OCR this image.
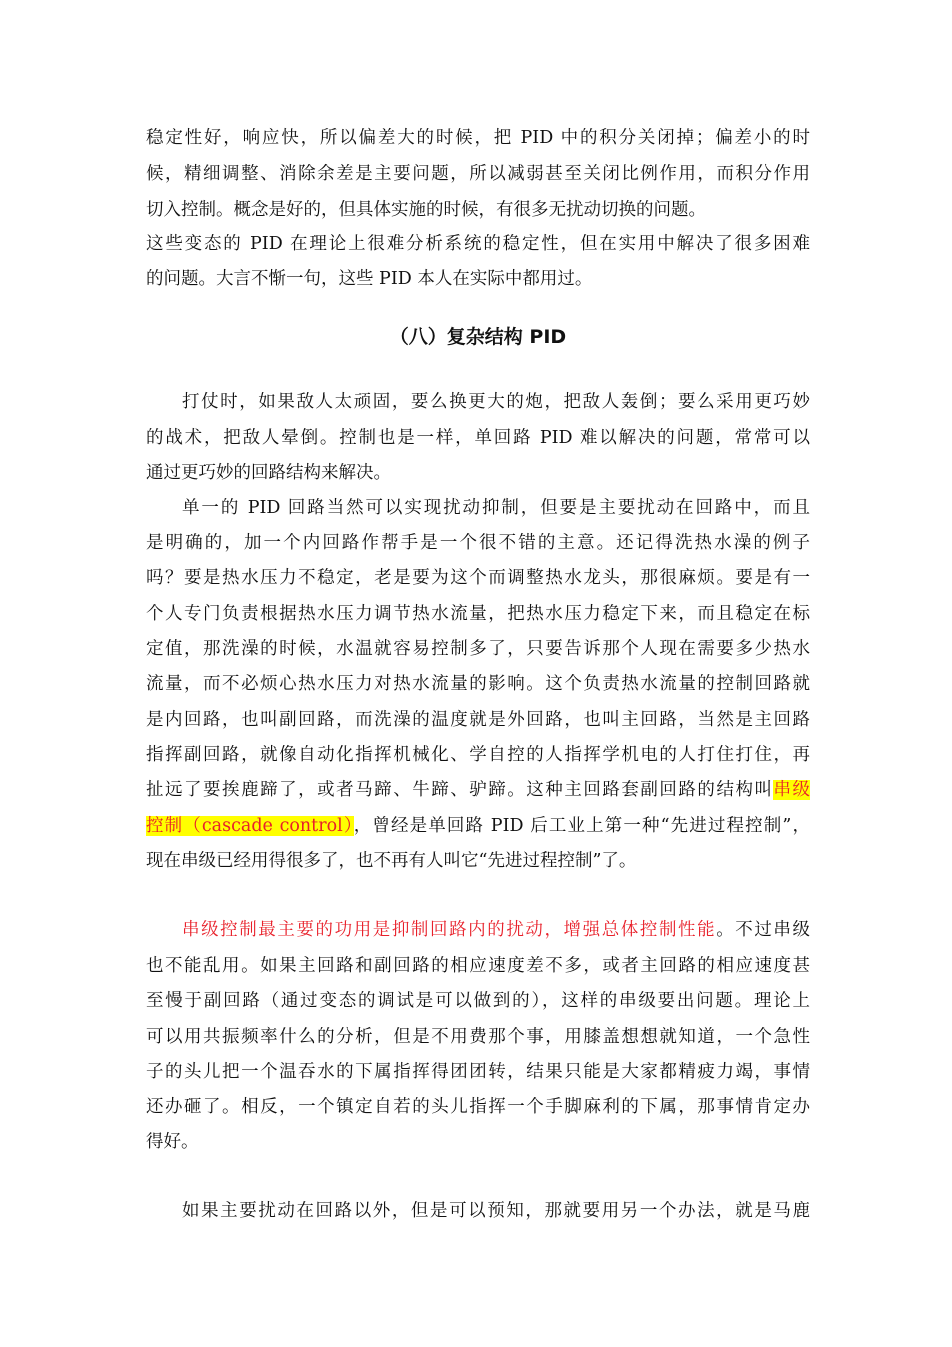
稳定性好，响应快，所以偏差大的时候，把 PID 中的积分关闭掉；偏差小的时
候，精细调整、消除余差是主要问题，所以减弱甚至关闭比例作用，而积分作用
切入控制。概念是好的，但具体实施的时候，有很多无扰动切换的问题。
这些变态的 PID 在理论上很难分析系统的稳定性，但在实用中解决了很多困难
的问题。大言不惭一句，这些 PID 本人在实际中都用过。
（八）复杂结构 PID
打仗时，如果敌人太顽固，要么换更大的炮，把敌人轰倒；要么采用更巧妙
的战术，把敌人晕倒。控制也是一样，单回路 PID 难以解决的问题，常常可以
通过更巧妙的回路结构来解决。
单一的 PID 回路当然可以实现扰动抑制，但要是主要扰动在回路中，而且
是明确的，加一个内回路作帮手是一个很不错的主意。还记得洗热水澡的例子
吗？要是热水压力不稳定，老是要为这个而调整热水龙头，那很麻烦。要是有一
个人专门负责根据热水压力调节热水流量，把热水压力稳定下来，而且稳定在标
定值，那洗澡的时候，水温就容易控制多了，只要告诉那个人现在需要多少热水
流量，而不必烦心热水压力对热水流量的影响。这个负责热水流量的控制回路就
是内回路，也叫副回路，而洗澡的温度就是外回路，也叫主回路，当然是主回路
指挥副回路，就像自动化指挥机械化、学自控的人指挥学机电的人打住打住，再
扯远了要挨鹿蹄了，或者马蹄、牛蹄、驴蹄。这种主回路套副回路的结构叫串级
控制（cascade control），曾经是单回路 PID 后工业上第一种“先进过程控制”，
现在串级已经用得很多了，也不再有人叫它“先进过程控制”了。
串级控制最主要的功用是抑制回路内的扰动，增强总体控制性能。不过串级
也不能乱用。如果主回路和副回路的相应速度差不多，或者主回路的相应速度甚
至慢于副回路（通过变态的调试是可以做到的），这样的串级要出问题。理论上
可以用共振频率什么的分析，但是不用费那个事，用膝盖想想就知道，一个急性
子的头儿把一个温吞水的下属指挥得团团转，结果只能是大家都精疲力竭，事情
还办砸了。相反，一个镇定自若的头儿指挥一个手脚麻利的下属，那事情肯定办
得好。
如果主要扰动在回路以外，但是可以预知，那就要用另一个办法，就是马鹿
